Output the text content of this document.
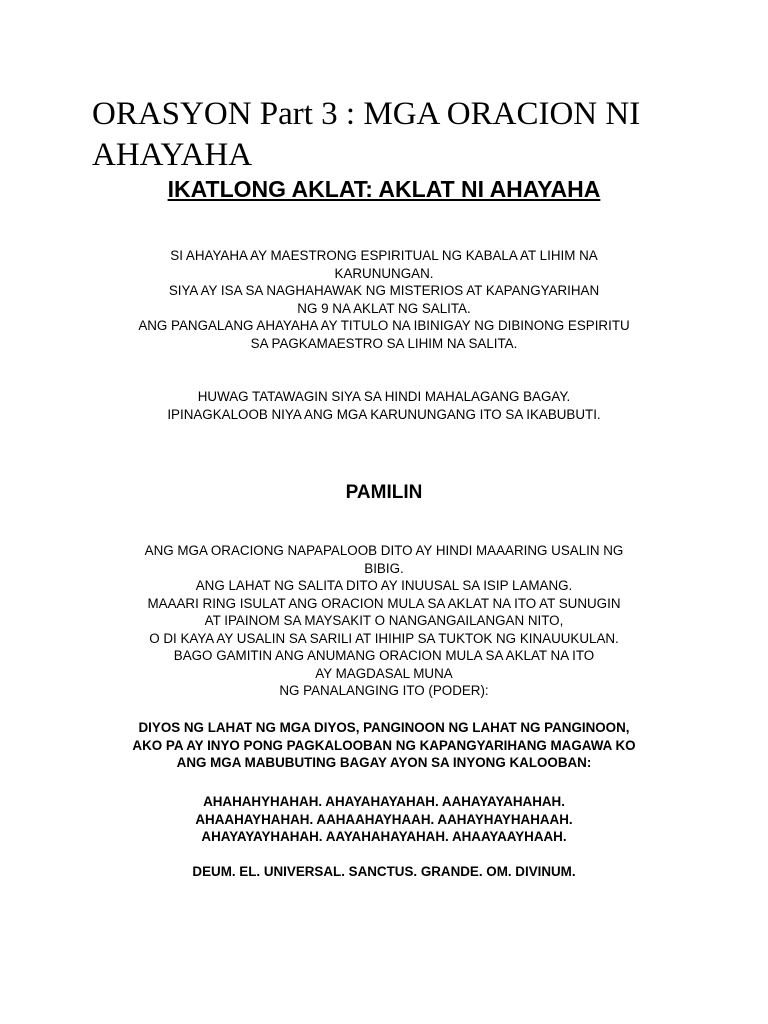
ORASYON Part 3 : MGA ORACION NI AHAYAHA
IKATLONG AKLAT: AKLAT NI AHAYAHA
SI AHAYAHA AY MAESTRONG ESPIRITUAL NG KABALA AT LIHIM NA
KARUNUNGAN.
SIYA AY ISA SA NAGHAHAWAK NG MISTERIOS AT KAPANGYARIHAN
NG 9 NA AKLAT NG SALITA.
ANG PANGALANG AHAYAHA AY TITULO NA IBINIGAY NG DIBINONG ESPIRITU
SA PAGKAMAESTRO SA LIHIM NA SALITA.
HUWAG TATAWAGIN SIYA SA HINDI MAHALAGANG BAGAY.
IPINAGKALOOB NIYA ANG MGA KARUNUNGANG ITO SA IKABUBUTI.
PAMILIN
ANG MGA ORACIONG NAPAPALOOB DITO AY HINDI MAAARING USALIN NG
BIBIG.
ANG LAHAT NG SALITA DITO AY INUUSAL SA ISIP LAMANG.
MAAARI RING ISULAT ANG ORACION MULA SA AKLAT NA ITO AT SUNUGIN
AT IPAINOM SA MAYSAKIT O NANGANGAILANGAN NITO,
O DI KAYA AY USALIN SA SARILI AT IHIHIP SA TUKTOK NG KINAUUKULAN.
BAGO GAMITIN ANG ANUMANG ORACION MULA SA AKLAT NA ITO
AY MAGDASAL MUNA
NG PANALANGING ITO (PODER):
DIYOS NG LAHAT NG MGA DIYOS, PANGINOON NG LAHAT NG PANGINOON,
AKO PA AY INYO PONG PAGKALOOBAN NG KAPANGYARIHANG MAGAWA KO
ANG MGA MABUBUTING BAGAY AYON SA INYONG KALOOBAN:
AHAHAHYHAHAH. AHAYAHAYAHAH. AAHAYAYAHAHAH.
AHAAHAYHAHAH. AAHAAHAYHAAH. AAHAYHAYHAHAAH.
AHAYAYAYHAHAH. AAYAHAHAYAHAH. AHAAYAAYHAAH.
DEUM. EL. UNIVERSAL. SANCTUS. GRANDE. OM. DIVINUM.
